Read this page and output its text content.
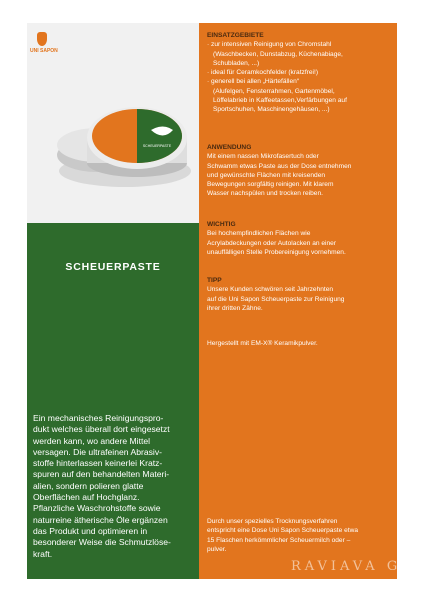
UNI SAPON
SCHEUERPASTE
SCHEUERPASTE
Ein mechanisches Reinigungspro-
dukt welches überall dort eingesetzt
werden kann, wo andere Mittel
versagen. Die ultrafeinen Abrasiv-
stoffe hinterlassen keinerlei Kratz-
spuren auf den behandelten Materi-
alien, sondern polieren glatte
Oberflächen auf Hochglanz.
Pflanzliche Waschrohstoffe sowie
naturreine ätherische Öle ergänzen
das Produkt und optimieren in
besonderer Weise die Schmutzlöse-
kraft.
EINSATZGEBIETE
· zur intensiven Reinigung von Chromstahl
(Waschbecken, Dunstabzug, Küchenabiage,
Schubladen, ...)
· ideal für Ceramkochfelder (kratzfrei!)
· generell bei allen „Härtefällen“
(Alufelgen, Fensterrahmen, Gartenmöbel,
Löffelabrieb in Kaffeetassen,Verfärbungen auf
Sportschuhen, Maschinengehäusen, ...)
ANWENDUNG
Mit einem nassen Mikrofasertuch oder
Schwamm etwas Paste aus der Dose entnehmen
und gewünschte Flächen mit kreisenden
Bewegungen sorgfältig reinigen. Mit klarem
Wasser nachspülen und trocken reiben.
WICHTIG
Bei hochempfindlichen Flächen wie
Acrylabdeckungen oder Autolacken an einer
unauffälligen Stelle Probereinigung vornehmen.
TIPP
Unsere Kunden schwören seit Jahrzehnten
auf die Uni Sapon Scheuerpaste zur Reinigung
ihrer dritten Zähne.
Hergestellt mit EM-X® Keramikpulver.
Durch unser spezielles Trocknungsverfahren
entspricht eine Dose Uni Sapon Scheuerpaste etwa
15 Flaschen herkömmlicher Scheuermilch oder –
pulver.
RAVIAVA G
